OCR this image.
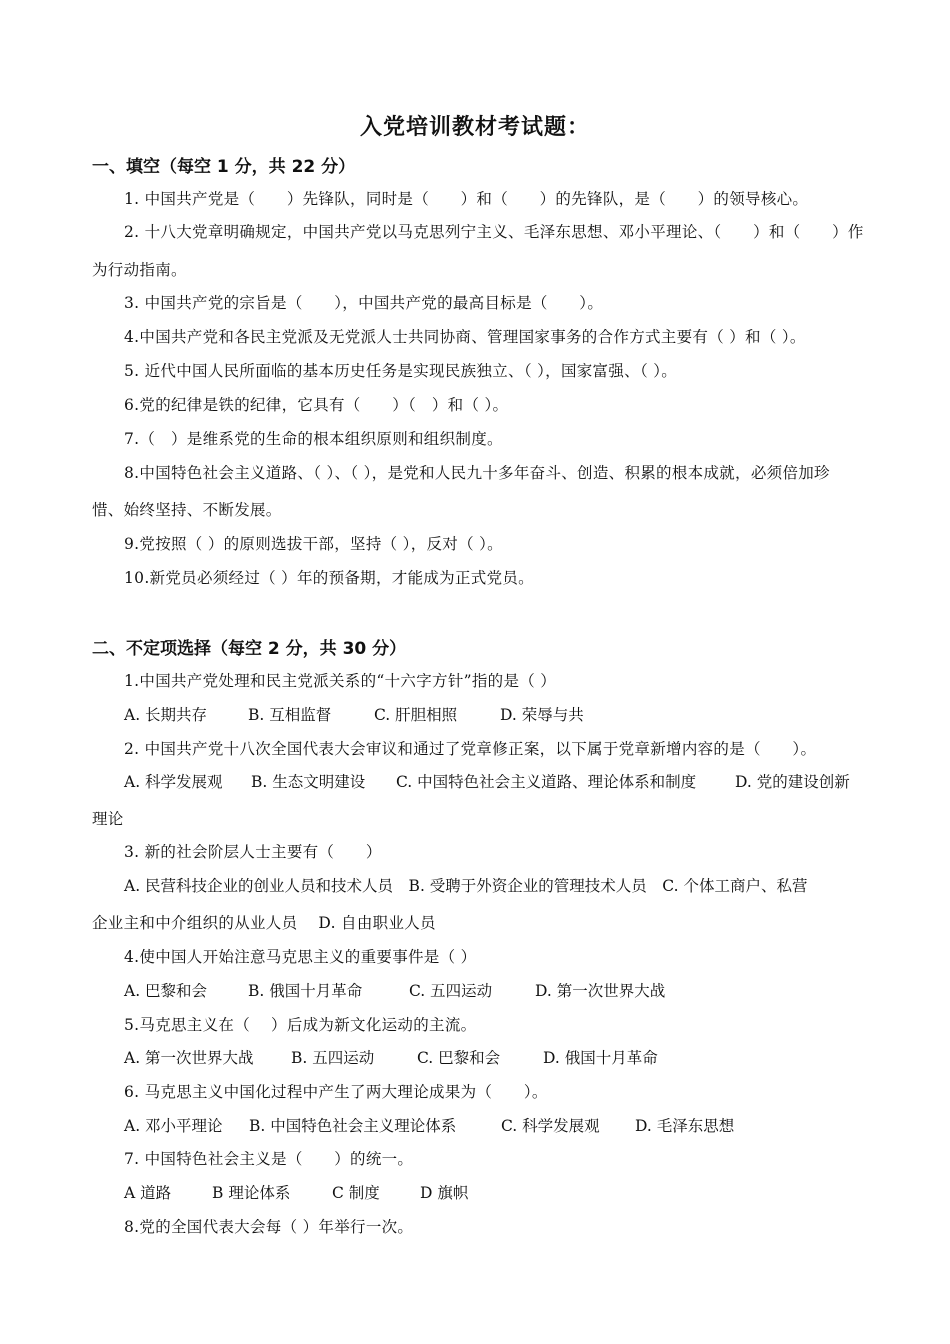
入党培训教材考试题：
一、填空（每空 1 分，共 22 分）
1. 中国共产党是（　　）先锋队，同时是（　　）和（　　）的先锋队，是（　　）的领导核心。
2. 十八大党章明确规定，中国共产党以马克思列宁主义、毛泽东思想、邓小平理论、（　　）和（　　）作
为行动指南。
3. 中国共产党的宗旨是（　　），中国共产党的最高目标是（　　）。
4.中国共产党和各民主党派及无党派人士共同协商、管理国家事务的合作方式主要有（ ）和（ ）。
5. 近代中国人民所面临的基本历史任务是实现民族独立、（ ），国家富强、（ ）。
6.党的纪律是铁的纪律，它具有（　　）（　）和（ ）。
7.（　）是维系党的生命的根本组织原则和组织制度。
8.中国特色社会主义道路、（ ）、（ ），是党和人民九十多年奋斗、创造、积累的根本成就，必须倍加珍
惜、始终坚持、不断发展。
9.党按照（ ）的原则选拔干部，坚持（ ），反对（ ）。
10.新党员必须经过（ ）年的预备期，才能成为正式党员。
二、不定项选择（每空 2 分，共 30 分）
1.中国共产党处理和民主党派关系的“十六字方针”指的是（ ）
A. 长期共存	B. 互相监督	C. 肝胆相照	D. 荣辱与共
2. 中国共产党十八次全国代表大会审议和通过了党章修正案，以下属于党章新增内容的是（　　）。
A. 科学发展观 B. 生态文明建设 C. 中国特色社会主义道路、理论体系和制度	D. 党的建设创新
理论
3. 新的社会阶层人士主要有（　　）
A. 民营科技企业的创业人员和技术人员　B. 受聘于外资企业的管理技术人员　C. 个体工商户、私营
企业主和中介组织的从业人员　 D. 自由职业人员
4.使中国人开始注意马克思主义的重要事件是（ ）
A. 巴黎和会	B. 俄国十月革命	C. 五四运动	D. 第一次世界大战
5.马克思主义在（　 ）后成为新文化运动的主流。
A. 第一次世界大战 B. 五四运动	C. 巴黎和会	D. 俄国十月革命
6. 马克思主义中国化过程中产生了两大理论成果为（　　）。
A. 邓小平理论 B. 中国特色社会主义理论体系	C. 科学发展观 D. 毛泽东思想
7. 中国特色社会主义是（　　）的统一。
A 道路	B 理论体系	C 制度	D 旗帜
8.党的全国代表大会每（ ）年举行一次。
